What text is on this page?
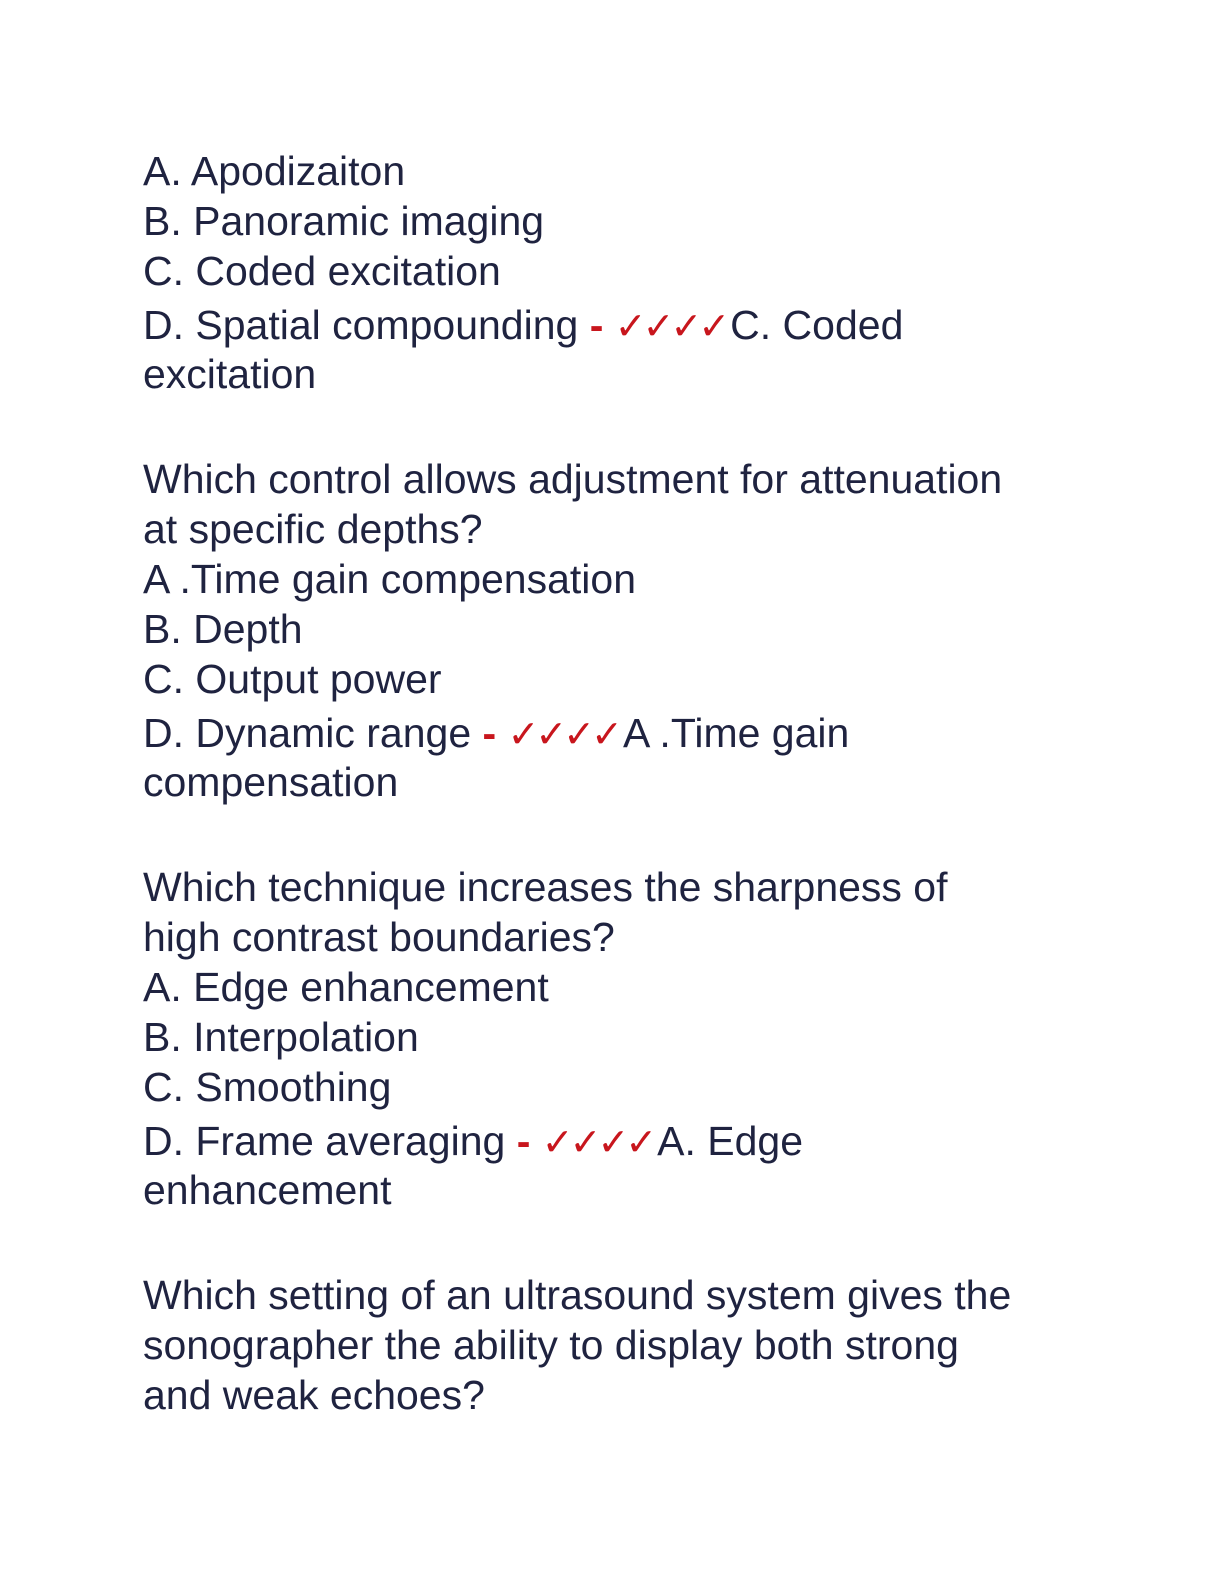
A. Apodizaiton
B. Panoramic imaging
C. Coded excitation
D. Spatial compounding - ✓✓✓✓C. Coded
excitation
Which control allows adjustment for attenuation
at specific depths?
A .Time gain compensation
B. Depth
C. Output power
D. Dynamic range - ✓✓✓✓A .Time gain
compensation
Which technique increases the sharpness of
high contrast boundaries?
A. Edge enhancement
B. Interpolation
C. Smoothing
D. Frame averaging - ✓✓✓✓A. Edge
enhancement
Which setting of an ultrasound system gives the
sonographer the ability to display both strong
and weak echoes?
